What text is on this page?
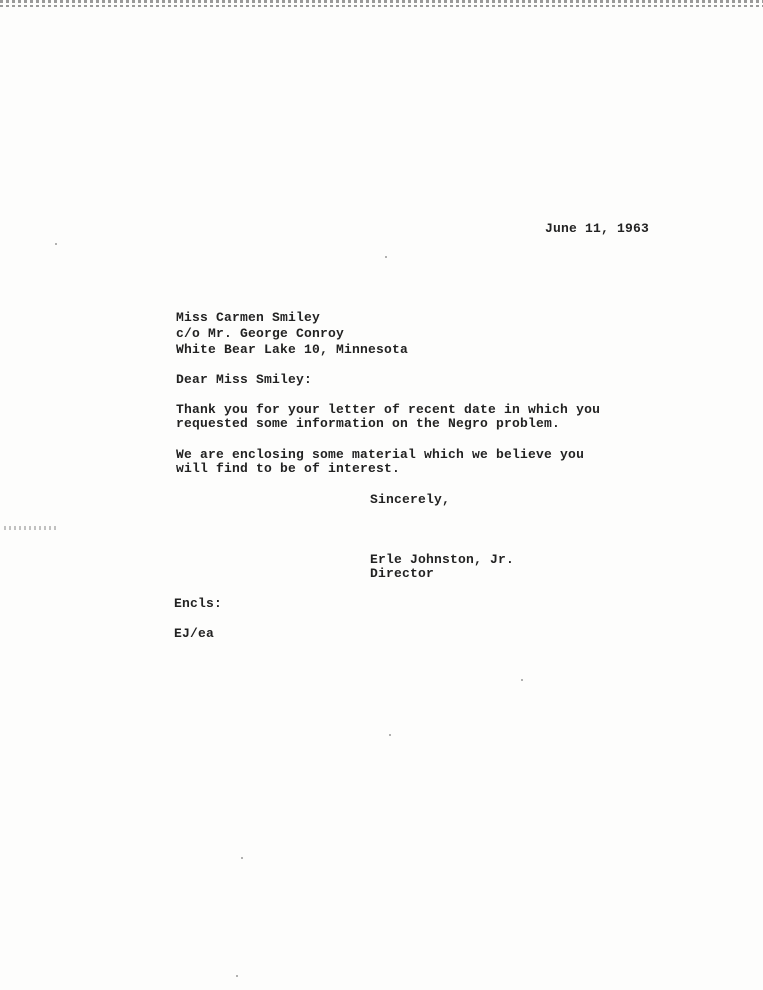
June 11, 1963
Miss Carmen Smiley
c/o Mr. George Conroy
White Bear Lake 10, Minnesota
Dear Miss Smiley:
Thank you for your letter of recent date in which you
requested some information on the Negro problem.
We are enclosing some material which we believe you
will find to be of interest.
Sincerely,
Erle Johnston, Jr.
Director
Encls:
EJ/ea
